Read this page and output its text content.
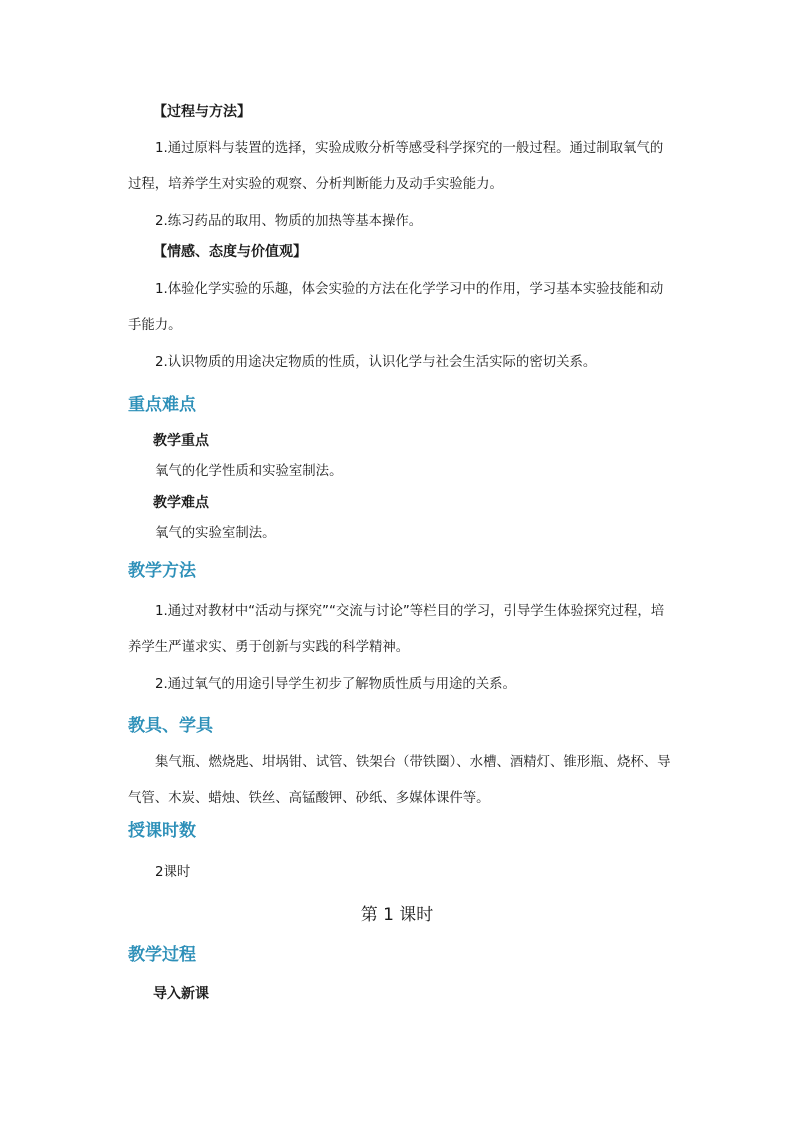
【过程与方法】

1.通过原料与装置的选择，实验成败分析等感受科学探究的一般过程。通过制取氧气的过程，培养学生对实验的观察、分析判断能力及动手实验能力。

2.练习药品的取用、物质的加热等基本操作。

【情感、态度与价值观】

1.体验化学实验的乐趣，体会实验的方法在化学学习中的作用，学习基本实验技能和动手能力。

2.认识物质的用途决定物质的性质，认识化学与社会生活实际的密切关系。

重点难点
教学重点
氧气的化学性质和实验室制法。
教学难点
氧气的实验室制法。
教学方法

1.通过对教材中“活动与探究”“交流与讨论”等栏目的学习，引导学生体验探究过程，培养学生严谨求实、勇于创新与实践的科学精神。

2.通过氧气的用途引导学生初步了解物质性质与用途的关系。

教具、学具

集气瓶、燃烧匙、坩埚钳、试管、铁架台（带铁圈）、水槽、酒精灯、锥形瓶、烧杯、导气管、木炭、蜡烛、铁丝、高锰酸钾、砂纸、多媒体课件等。

授课时数
2课时
第 1 课时
教学过程
导入新课
